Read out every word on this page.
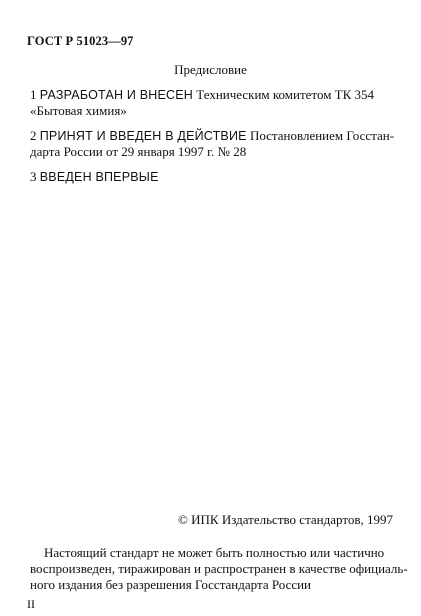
ГОСТ Р 51023—97
Предисловие
1 РАЗРАБОТАН И ВНЕСЕН Техническим комитетом ТК 354
«Бытовая химия»
2 ПРИНЯТ И ВВЕДЕН В ДЕЙСТВИЕ Постановлением Госстан-
дарта России от 29 января 1997 г. № 28
3 ВВЕДЕН ВПЕРВЫЕ
© ИПК Издательство стандартов, 1997
Настоящий стандарт не может быть полностью или частично
воспроизведен, тиражирован и распространен в качестве официаль-
ного издания без разрешения Госстандарта России
II
